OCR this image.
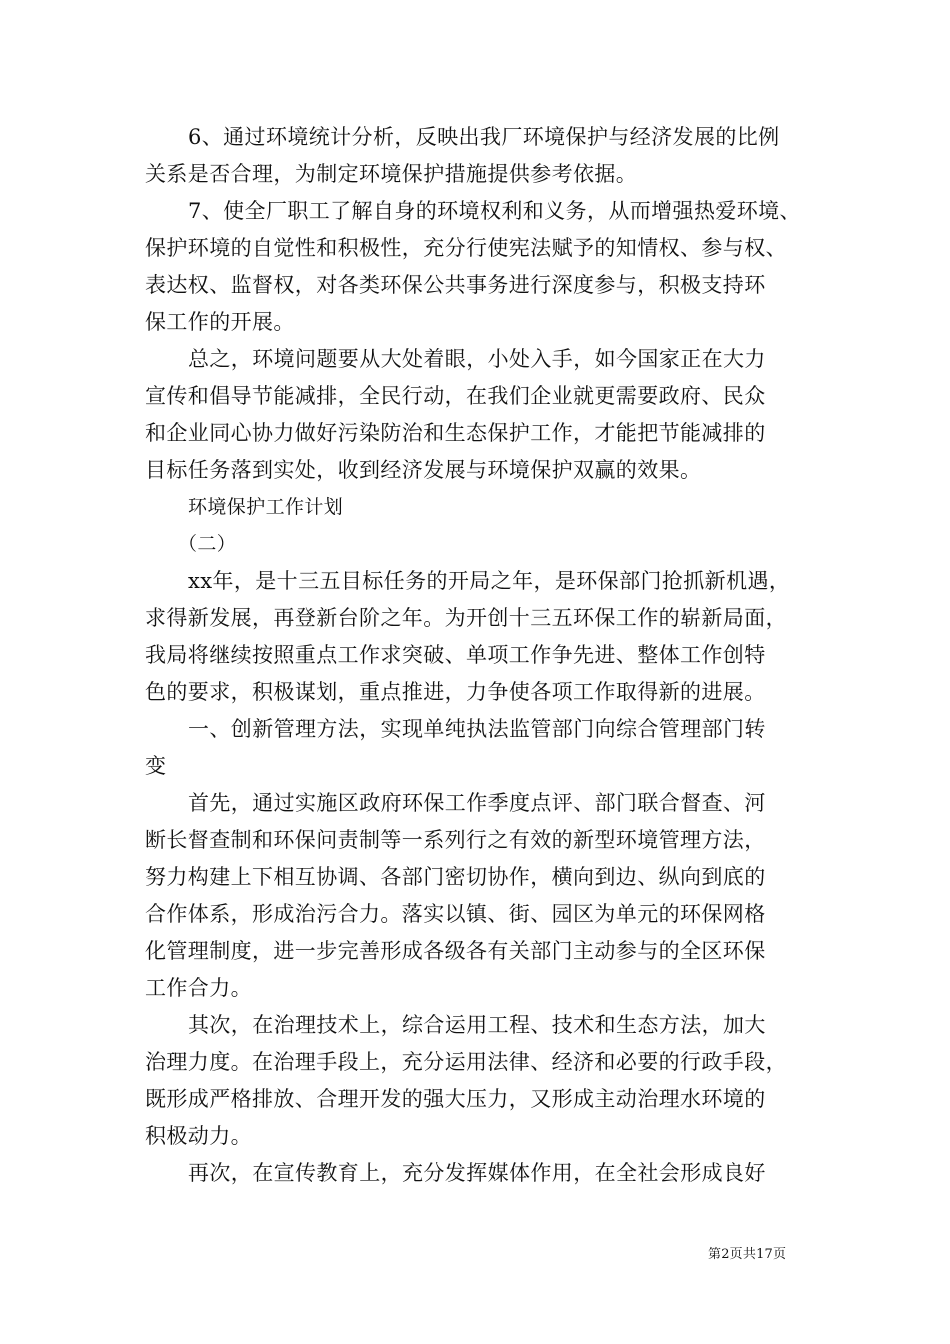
6、通过环境统计分析，反映出我厂环境保护与经济发展的比例
关系是否合理，为制定环境保护措施提供参考依据。
7、使全厂职工了解自身的环境权利和义务，从而增强热爱环境、
保护环境的自觉性和积极性，充分行使宪法赋予的知情权、参与权、
表达权、监督权，对各类环保公共事务进行深度参与，积极支持环
保工作的开展。
总之，环境问题要从大处着眼，小处入手，如今国家正在大力
宣传和倡导节能减排，全民行动，在我们企业就更需要政府、民众
和企业同心协力做好污染防治和生态保护工作，才能把节能减排的
目标任务落到实处，收到经济发展与环境保护双赢的效果。
环境保护工作计划
（二）
xx年，是十三五目标任务的开局之年，是环保部门抢抓新机遇，
求得新发展，再登新台阶之年。为开创十三五环保工作的崭新局面，
我局将继续按照重点工作求突破、单项工作争先进、整体工作创特
色的要求，积极谋划，重点推进，力争使各项工作取得新的进展。
一、创新管理方法，实现单纯执法监管部门向综合管理部门转
变
首先，通过实施区政府环保工作季度点评、部门联合督查、河
断长督查制和环保问责制等一系列行之有效的新型环境管理方法，
努力构建上下相互协调、各部门密切协作，横向到边、纵向到底的
合作体系，形成治污合力。落实以镇、街、园区为单元的环保网格
化管理制度，进一步完善形成各级各有关部门主动参与的全区环保
工作合力。
其次，在治理技术上，综合运用工程、技术和生态方法，加大
治理力度。在治理手段上，充分运用法律、经济和必要的行政手段，
既形成严格排放、合理开发的强大压力，又形成主动治理水环境的
积极动力。
再次，在宣传教育上，充分发挥媒体作用，在全社会形成良好
第2页共17页
